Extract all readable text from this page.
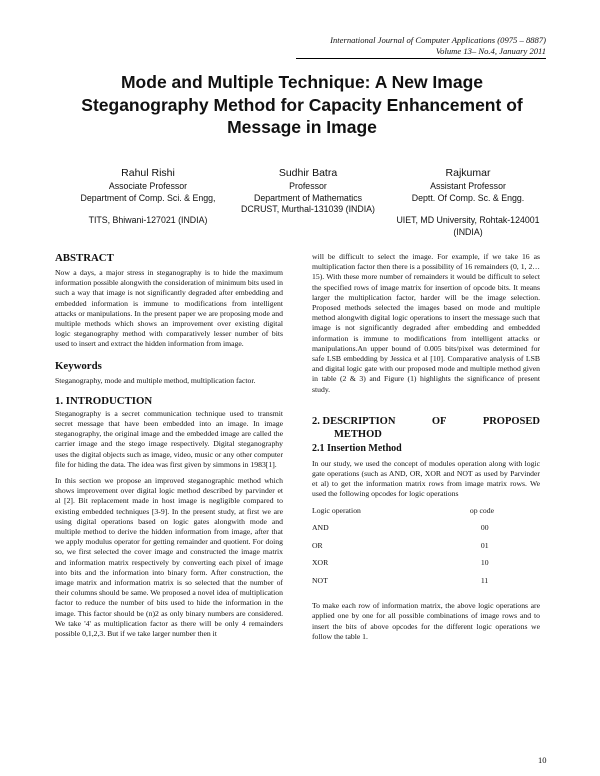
International Journal of Computer Applications (0975 – 8887)
Volume 13– No.4, January 2011
Mode and Multiple Technique: A New Image Steganography Method for Capacity Enhancement of Message in Image
Rahul Rishi
Associate Professor
Department of Comp. Sci. & Engg,
TITS, Bhiwani-127021 (INDIA)
Sudhir Batra
Professor
Department of Mathematics
DCRUST, Murthal-131039 (INDIA)
Rajkumar
Assistant Professor
Deptt. Of Comp. Sc. & Engg.
UIET, MD University, Rohtak-124001 (INDIA)
ABSTRACT

Now a days, a major stress in steganography is to hide the maximum information possible alongwith the consideration of minimum bits used in such a way that image is not significantly degraded after embedding and embedded information is immune to modifications from intelligent attacks or manipulations. In the present paper we are proposing mode and multiple methods which shows an improvement over existing digital logic steganography method with comparatively lesser number of bits used to insert and extract the hidden information from image.

Keywords

Steganography, mode and multiple method, multiplication factor.

1. INTRODUCTION

Steganography is a secret communication technique used to transmit secret message that have been embedded into an image. In image steganography, the original image and the embedded image are called the carrier image and the stego image respectively. Digital steganography uses the digital objects such as image, video, music or any other computer file for hiding the data. The idea was first given by simmons in 1983[1].

In this section we propose an improved steganographic method which shows improvement over digital logic method described by parvinder et al [2]. Bit replacement made in host image is negligible compared to existing embedded techniques [3-9]. In the present study, at first we are using digital operations based on logic gates alongwith mode and multiple method to derive the hidden information from image, after that we apply modulus operator for getting remainder and quotient. For doing so, we first selected the cover image and constructed the image matrix and information matrix respectively by converting each pixel of image into bits and the information into binary form. After construction, the image matrix and information matrix is so selected that the number of their columns should be same. We proposed a novel idea of multiplication factor to reduce the number of bits used to hide the information in the image. This factor should be (n)2 as only binary numbers are considered. We take '4' as multiplication factor as there will be only 4 remainders possible 0,1,2,3. But if we take larger number then it

will be difficult to select the image. For example, if we take 16 as multiplication factor then there is a possibility of 16 remainders (0, 1, 2… 15). With these more number of remainders it would be difficult to select the specified rows of image matrix for insertion of opcode bits. It means larger the multiplication factor, harder will be the image selection. Proposed methods selected the images based on mode and multiple method alongwith digital logic operations to insert the message such that image is not significantly degraded after embedding and embedded information is immune to modifications from intelligent attacks or manipulations.An upper bound of 0.005 bits/pixel was determined for safe LSB embedding by Jessica et al [10]. Comparative analysis of LSB and digital logic gate with our proposed mode and multiple method given in table (2 & 3) and Figure (1) highlights the significance of present study.

2. DESCRIPTION	OF	PROPOSED
METHOD
2.1 Insertion Method

In our study, we used the concept of modules operation along with logic gate operations (such as AND, OR, XOR and NOT as used by Parvinder et al) to get the information matrix rows from image matrix rows. We used the following opcodes for logic operations

Logic operation	op code
AND	00
OR	01
XOR	10
NOT	11

To make each row of information matrix, the above logic operations are applied one by one for all possible combinations of image rows and to insert the bits of above opcodes for the different logic operations we follow the table 1.

10
